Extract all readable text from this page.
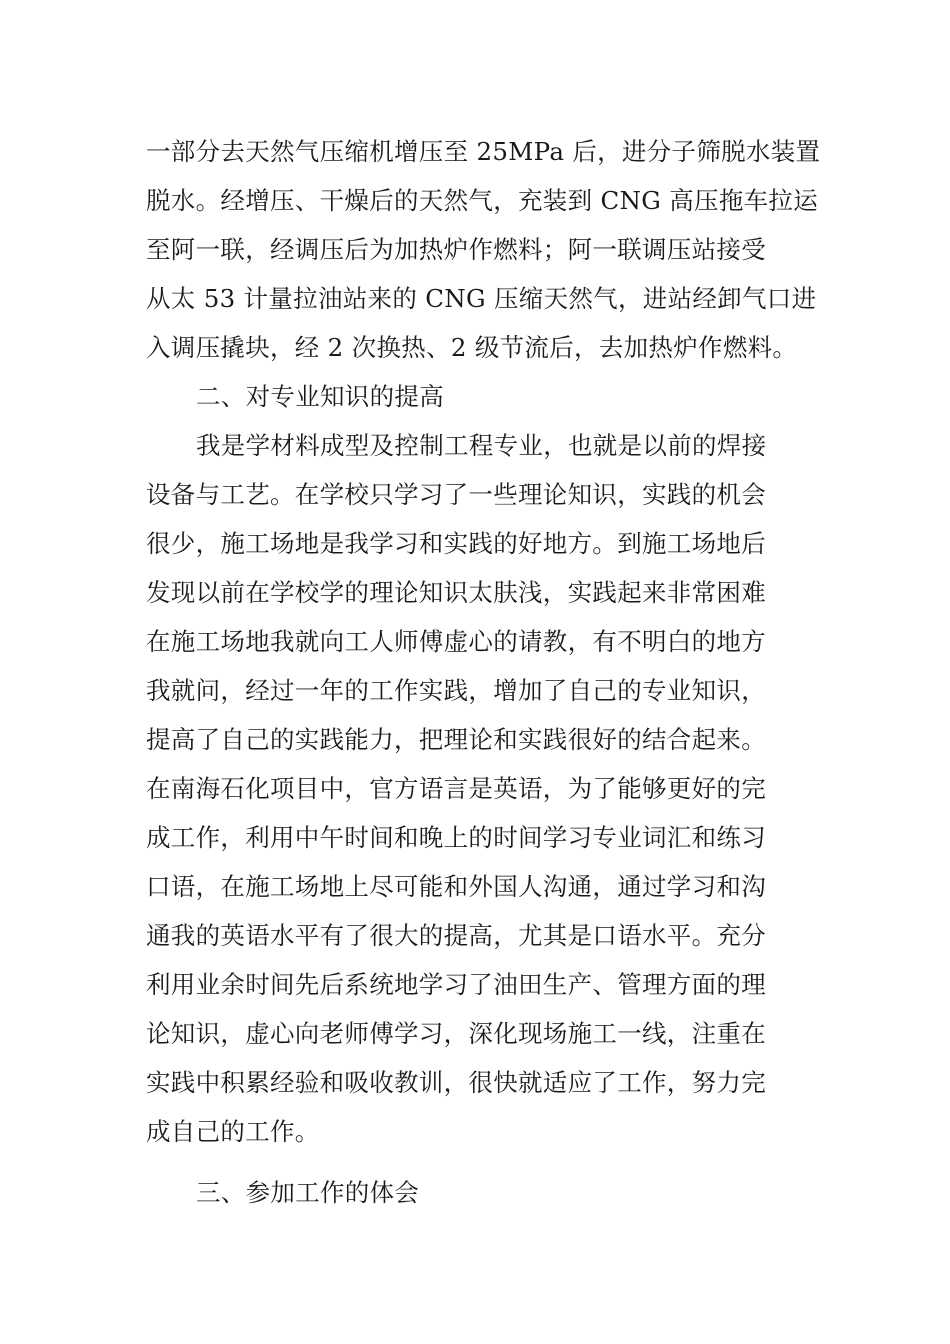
一部分去天然气压缩机增压至 25MPa 后，进分子筛脱水装置
脱水。经增压、干燥后的天然气，充装到 CNG 高压拖车拉运
至阿一联，经调压后为加热炉作燃料；阿一联调压站接受
从太 53 计量拉油站来的 CNG 压缩天然气，进站经卸气口进
入调压撬块，经 2 次换热、2 级节流后，去加热炉作燃料。
二、对专业知识的提高
我是学材料成型及控制工程专业，也就是以前的焊接
设备与工艺。在学校只学习了一些理论知识，实践的机会
很少，施工场地是我学习和实践的好地方。到施工场地后
发现以前在学校学的理论知识太肤浅，实践起来非常困难
在施工场地我就向工人师傅虚心的请教，有不明白的地方
我就问，经过一年的工作实践，增加了自己的专业知识，
提高了自己的实践能力，把理论和实践很好的结合起来。
在南海石化项目中，官方语言是英语，为了能够更好的完
成工作，利用中午时间和晚上的时间学习专业词汇和练习
口语，在施工场地上尽可能和外国人沟通，通过学习和沟
通我的英语水平有了很大的提高，尤其是口语水平。充分
利用业余时间先后系统地学习了油田生产、管理方面的理
论知识，虚心向老师傅学习，深化现场施工一线，注重在
实践中积累经验和吸收教训，很快就适应了工作，努力完
成自己的工作。
三、参加工作的体会
